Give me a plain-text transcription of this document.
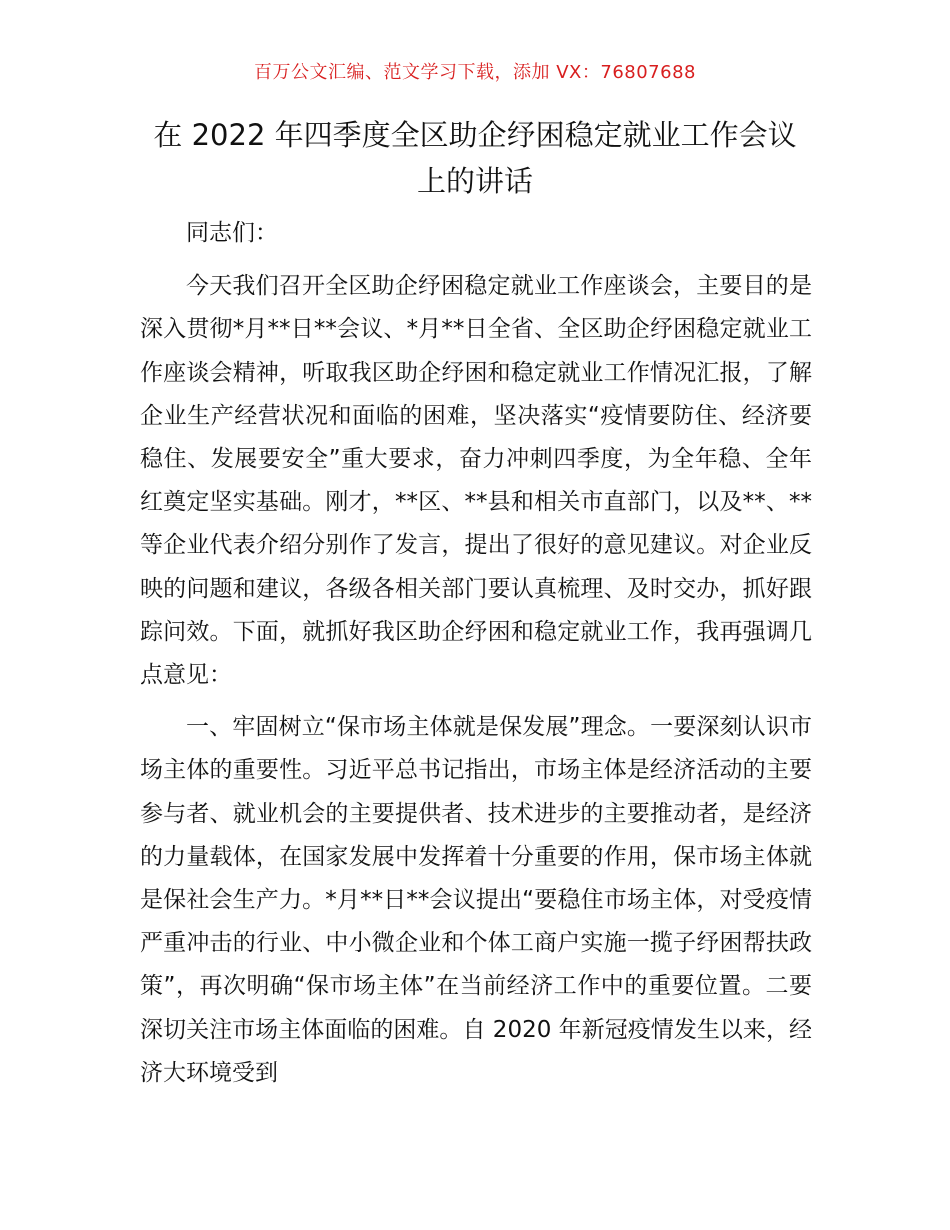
百万公文汇编、范文学习下载，添加 VX：76807688
在 2022 年四季度全区助企纾困稳定就业工作会议上的讲话

同志们：

今天我们召开全区助企纾困稳定就业工作座谈会，主要目的是深入贯彻*月**日**会议、*月**日全省、全区助企纾困稳定就业工作座谈会精神，听取我区助企纾困和稳定就业工作情况汇报，了解企业生产经营状况和面临的困难，坚决落实“疫情要防住、经济要稳住、发展要安全”重大要求，奋力冲刺四季度，为全年稳、全年红奠定坚实基础。刚才，**区、**县和相关市直部门，以及**、**等企业代表介绍分别作了发言，提出了很好的意见建议。对企业反映的问题和建议，各级各相关部门要认真梳理、及时交办，抓好跟踪问效。下面，就抓好我区助企纾困和稳定就业工作，我再强调几点意见：

一、牢固树立“保市场主体就是保发展”理念。一要深刻认识市场主体的重要性。习近平总书记指出，市场主体是经济活动的主要参与者、就业机会的主要提供者、技术进步的主要推动者，是经济的力量载体，在国家发展中发挥着十分重要的作用，保市场主体就是保社会生产力。*月**日**会议提出“要稳住市场主体，对受疫情严重冲击的行业、中小微企业和个体工商户实施一揽子纾困帮扶政策”，再次明确“保市场主体”在当前经济工作中的重要位置。二要深切关注市场主体面临的困难。自 2020 年新冠疫情发生以来，经济大环境受到
